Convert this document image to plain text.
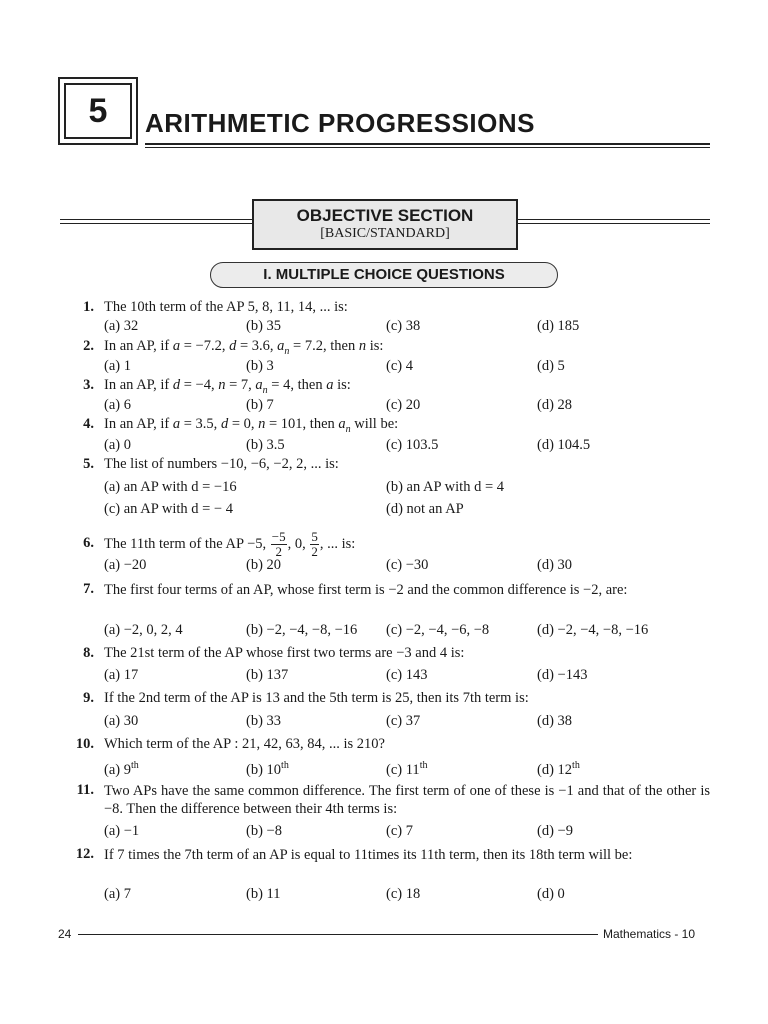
5	ARITHMETIC PROGRESSIONS
OBJECTIVE SECTION
[BASIC/STANDARD]
I. MULTIPLE CHOICE QUESTIONS
1. The 10th term of the AP 5, 8, 11, 14, ... is:
(a) 32	(b) 35	(c) 38	(d) 185
2. In an AP, if a = −7.2, d = 3.6, $a_n = 7.2$, then n is:
(a) 1	(b) 3	(c) 4	(d) 5
3. In an AP, if d = −4, n = 7, $a_n = 4$, then a is:
(a) 6	(b) 7	(c) 20	(d) 28
4. In an AP, if a = 3.5, d = 0, n = 101, then $a_n$ will be:
(a) 0	(b) 3.5	(c) 103.5	(d) 104.5
5. The list of numbers −10, −6, −2, 2, ... is:
(a) an AP with d = −16	(b) an AP with d = 4
(c) an AP with d = − 4	(d) not an AP
6. The 11th term of the AP −5, $\frac{-5}{2}$ , 0, $\frac{5}{2}$ , ... is:
(a) −20	(b) 20	(c) −30	(d) 30
7. The first four terms of an AP, whose first term is −2 and the common difference is −2, are:
(a) −2, 0, 2, 4	(b) −2, −4, −8, −16 (c) −2, −4, −6, −8	(d) −2, −4, −8, −16
8. The 21st term of the AP whose first two terms are −3 and 4 is:
(a) 17	(b) 137	(c) 143	(d) −143
9. If the 2nd term of the AP is 13 and the 5th term is 25, then its 7th term is:
(a) 30	(b) 33	(c) 37	(d) 38
10. Which term of the AP : 21, 42, 63, 84, ... is 210?
(a) 9th	(b) 10th	(c) 11th	(d) 12th
11. Two APs have the same common difference. The first term of one of these is −1 and that of the other is −8. Then the difference between their 4th terms is:
(a) −1	(b) −8	(c) 7	(d) −9
12. If 7 times the 7th term of an AP is equal to 11times its 11th term, then its 18th term will be:
(a) 7	(b) 11	(c) 18	(d) 0
24	Mathematics - 10
